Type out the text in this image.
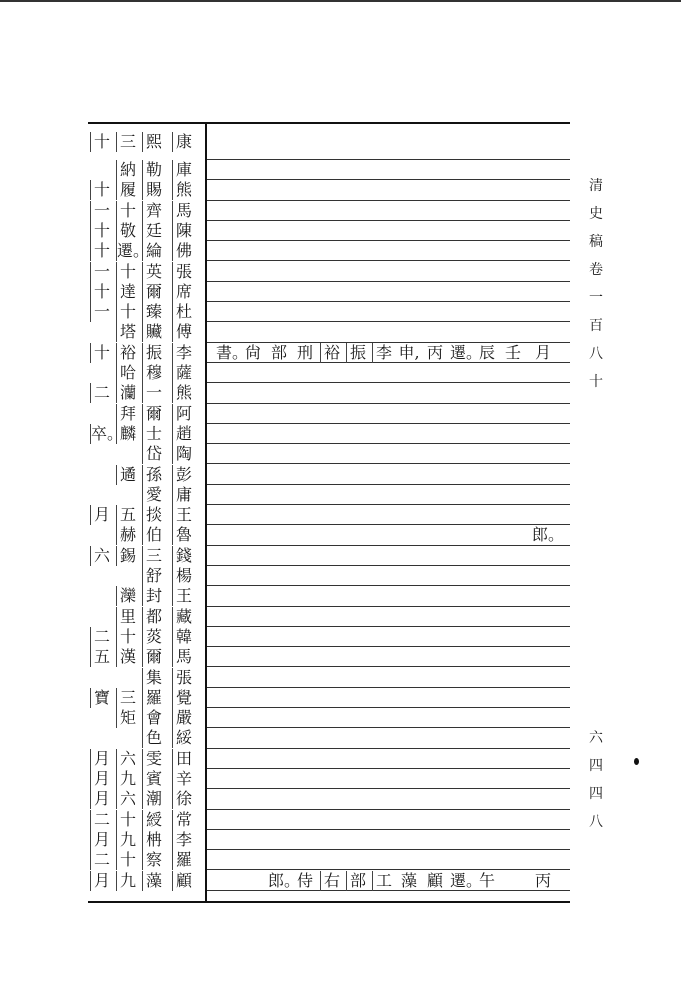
十 三 熙 康
納 勒 庫
十 履 賜 熊
一 十 齊 馬
十 敬 廷 陳
十 遷。
綸 佛
一 十 英 張
十 達 爾 席
一 十 臻 杜
塔 贜 傅
十 裕 振 李 書。
尙 部 刑 裕 振 李 申, 丙 遷。
辰 壬 月
哈 穆 薩
二 灡 一 熊
拜 爾 阿
卒。
麟 士 趙
岱 陶
遹 孫 彭
愛 庸
月 五 掞 王
赫 伯 魯	郎。
六 錫 三 錢
舒 楊
灤 封 王
里 都 藏
二 十 菼 韓
五 漢 爾 馬
集 張
寶 三 羅 覺
矩 會 嚴
色 綏
月 六 雯 田
月 九 賓 辛
月 六 潮 徐
二 十 綬 常
月 九 柟 李
二 十 察 羅
月 九 藻 顧	郎。
侍 右 部 工 藻 顧 遷。
午 丙
清
史
稿
卷
一
百
八
十
六
四
四
八
